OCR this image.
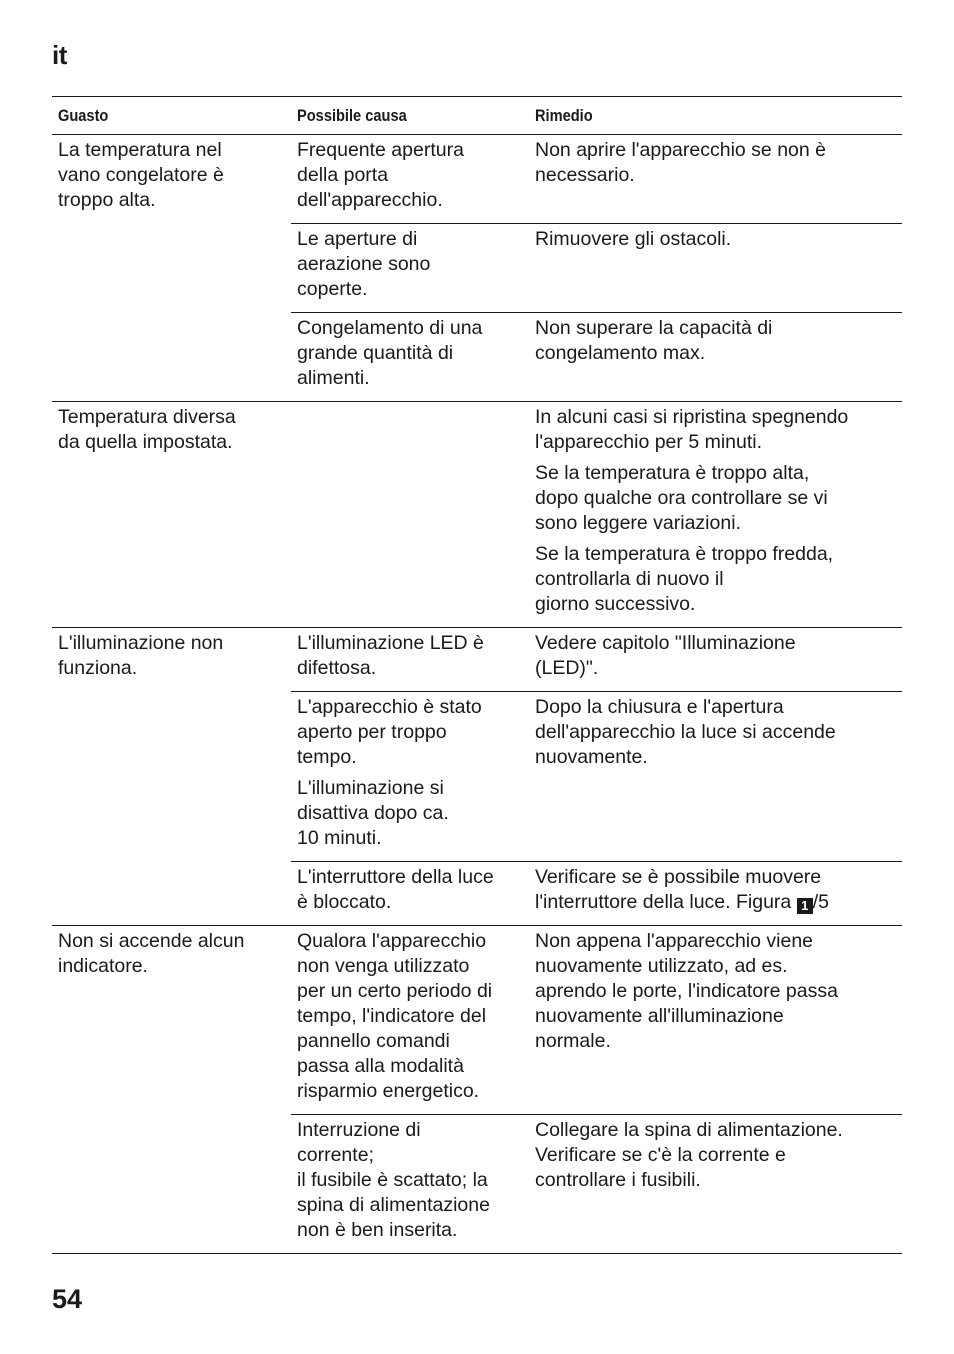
it
Guasto	Possibile causa	Rimedio
La temperatura nel
vano congelatore è
troppo alta.
Frequente apertura
della porta
dell'apparecchio.
Non aprire l'apparecchio se non è
necessario.
Le aperture di
aerazione sono
coperte.
Rimuovere gli ostacoli.
Congelamento di una
grande quantità di
alimenti.
Non superare la capacità di
congelamento max.
Temperatura diversa
da quella impostata.
In alcuni casi si ripristina spegnendo
l'apparecchio per 5 minuti.
Se la temperatura è troppo alta,
dopo qualche ora controllare se vi
sono leggere variazioni.
Se la temperatura è troppo fredda,
controllarla di nuovo il
giorno successivo.
L'illuminazione non
funziona.
L'illuminazione LED è
difettosa.
Vedere capitolo "Illuminazione
(LED)".
L'apparecchio è stato
aperto per troppo
tempo.
L'illuminazione si
disattiva dopo ca.
10 minuti.
Dopo la chiusura e l'apertura
dell'apparecchio la luce si accende
nuovamente.
L'interruttore della luce
è bloccato.
Verificare se è possibile muovere
l'interruttore della luce. Figura 1 /5
Non si accende alcun
indicatore.
Qualora l'apparecchio
non venga utilizzato
per un certo periodo di
tempo, l'indicatore del
pannello comandi
passa alla modalità
risparmio energetico.
Non appena l'apparecchio viene
nuovamente utilizzato, ad es.
aprendo le porte, l'indicatore passa
nuovamente all'illuminazione
normale.
Interruzione di
corrente;
il fusibile è scattato; la
spina di alimentazione
non è ben inserita.
Collegare la spina di alimentazione.
Verificare se c'è la corrente e
controllare i fusibili.
54
